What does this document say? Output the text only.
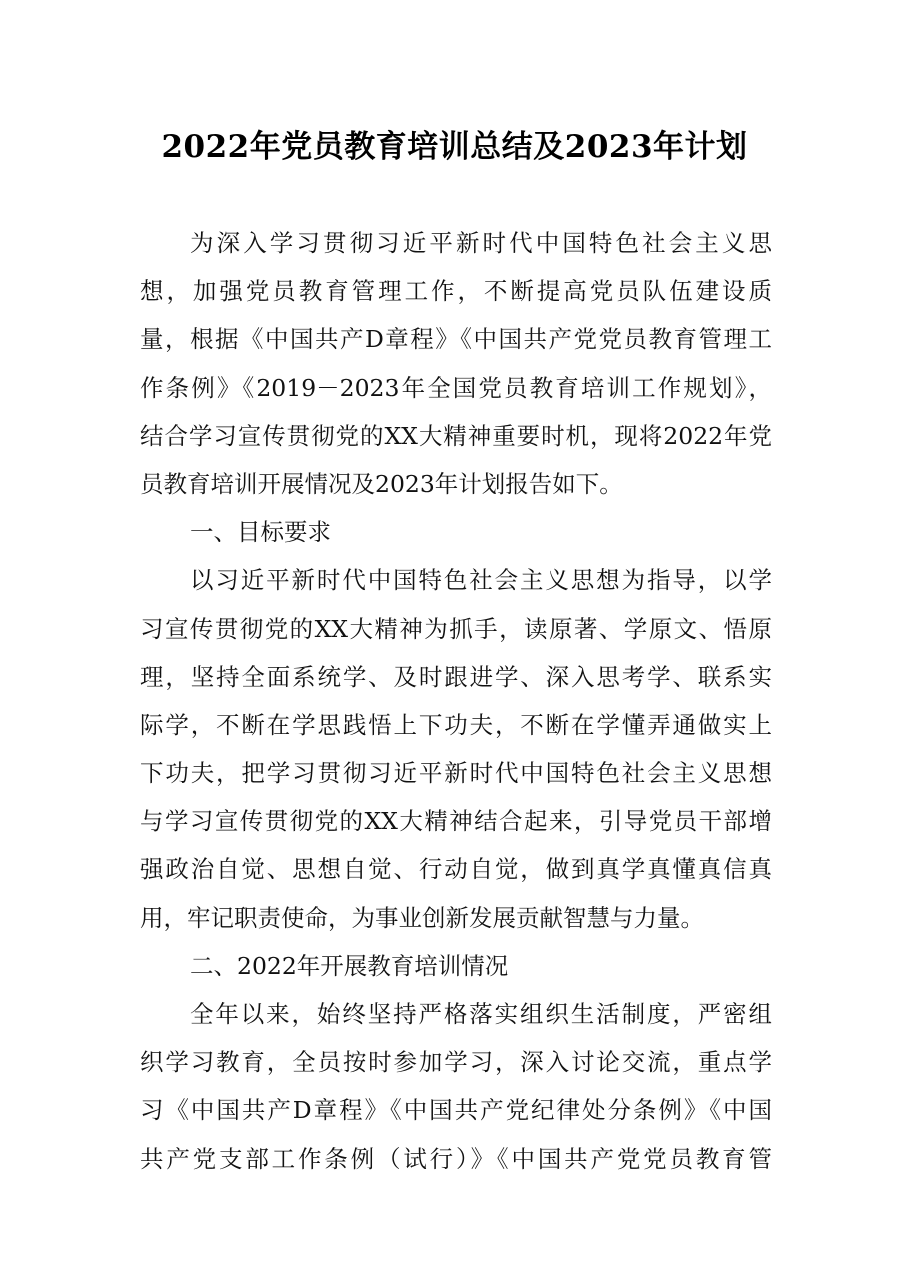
2022年党员教育培训总结及2023年计划
为深入学习贯彻习近平新时代中国特色社会主义思
想，加强党员教育管理工作，不断提高党员队伍建设质
量，根据《中国共产D章程》《中国共产党党员教育管理工
作条例》《2019－2023年全国党员教育培训工作规划》，
结合学习宣传贯彻党的XX大精神重要时机，现将2022年党
员教育培训开展情况及2023年计划报告如下。
一、目标要求
以习近平新时代中国特色社会主义思想为指导，以学
习宣传贯彻党的XX大精神为抓手，读原著、学原文、悟原
理，坚持全面系统学、及时跟进学、深入思考学、联系实
际学，不断在学思践悟上下功夫，不断在学懂弄通做实上
下功夫，把学习贯彻习近平新时代中国特色社会主义思想
与学习宣传贯彻党的XX大精神结合起来，引导党员干部增
强政治自觉、思想自觉、行动自觉，做到真学真懂真信真
用，牢记职责使命，为事业创新发展贡献智慧与力量。
二、2022年开展教育培训情况
全年以来，始终坚持严格落实组织生活制度，严密组
织学习教育，全员按时参加学习，深入讨论交流，重点学
习《中国共产D章程》《中国共产党纪律处分条例》《中国
共产党支部工作条例（试行）》《中国共产党党员教育管
